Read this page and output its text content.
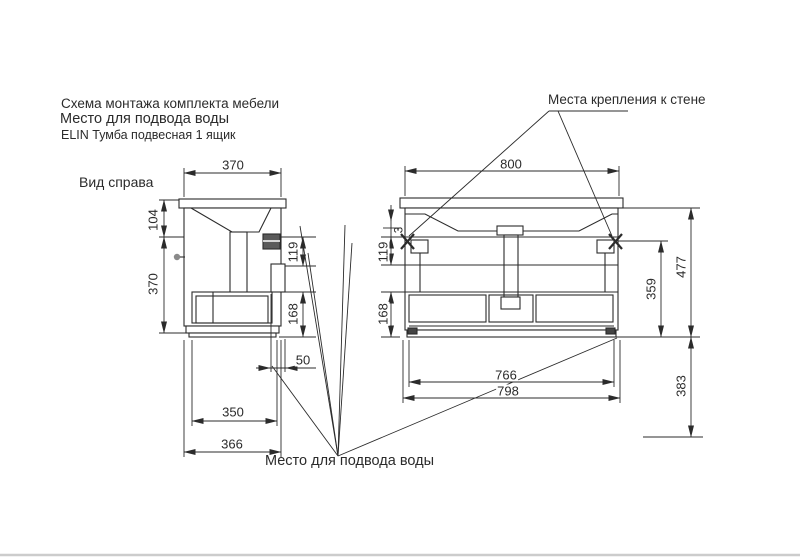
Схема монтажа комплекта мебели
Место для подвода воды
ELIN Тумба подвесная 1 ящик
Вид справа
Места крепления к стене
Место для подвода воды
370
104
370
119
168
50
350
366
800
3
119
168
359
477
383
766
798
